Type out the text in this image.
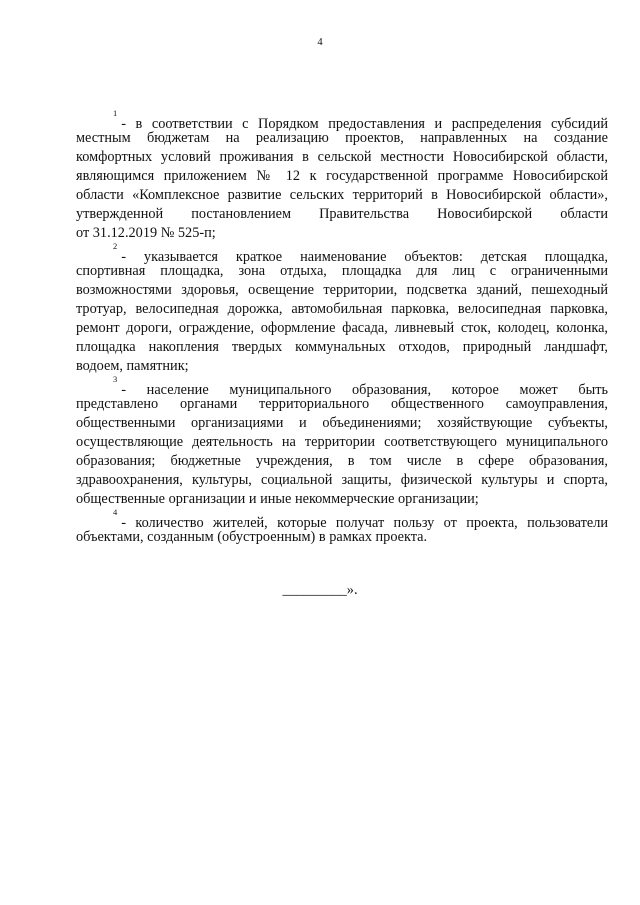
4
$^1$- в соответствии с Порядком предоставления и распределения субсидий
местным бюджетам на реализацию проектов, направленных на создание
комфортных условий проживания в сельской местности Новосибирской области,
являющимся приложением № 12 к государственной программе Новосибирской
области «Комплексное развитие сельских территорий в Новосибирской области»,
утвержденной постановлением Правительства Новосибирской области
от 31.12.2019 № 525-п;
$^2$- указывается краткое наименование объектов: детская площадка,
спортивная площадка, зона отдыха, площадка для лиц с ограниченными
возможностями здоровья, освещение территории, подсветка зданий, пешеходный
тротуар, велосипедная дорожка, автомобильная парковка, велосипедная парковка,
ремонт дороги, ограждение, оформление фасада, ливневый сток, колодец, колонка,
площадка накопления твердых коммунальных отходов, природный ландшафт,
водоем, памятник;
$^3$- население муниципального образования, которое может быть
представлено органами территориального общественного самоуправления,
общественными организациями и объединениями; хозяйствующие субъекты,
осуществляющие деятельность на территории соответствующего муниципального
образования; бюджетные учреждения, в том числе в сфере образования,
здравоохранения, культуры, социальной защиты, физической культуры и спорта,
общественные организации и иные некоммерческие организации;
$^4$- количество жителей, которые получат пользу от проекта, пользователи
объектами, созданным (обустроенным) в рамках проекта.
_________».
